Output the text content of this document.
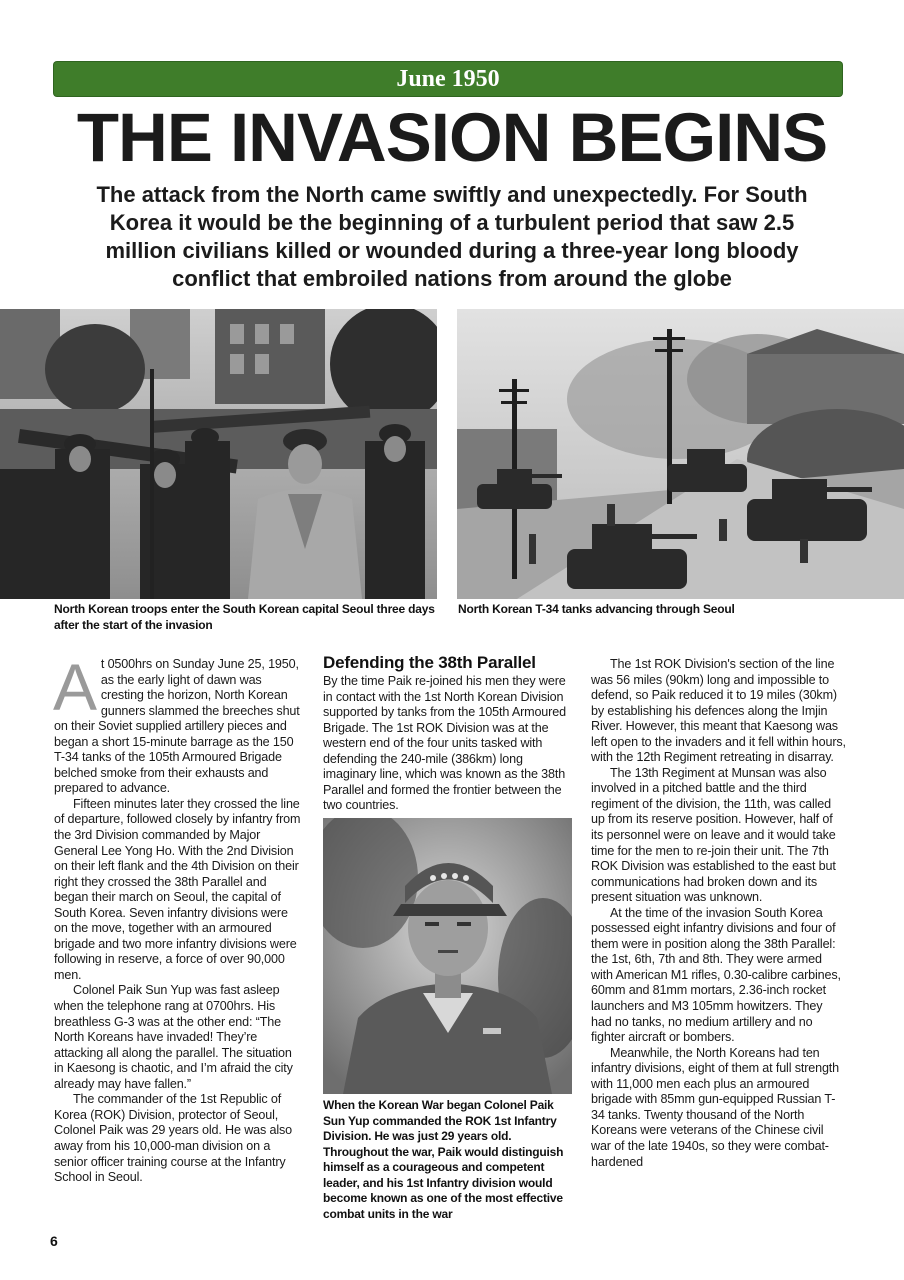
June 1950
THE INVASION BEGINS
The attack from the North came swiftly and unexpectedly. For South Korea it would be the beginning of a turbulent period that saw 2.5 million civilians killed or wounded during a three-year long bloody conflict that embroiled nations from around the globe
North Korean troops enter the South Korean capital Seoul three days after the start of the invasion
North Korean T-34 tanks advancing through Seoul
A t 0500hrs on Sunday June 25, 1950, as the early light of dawn was cresting the horizon, North Korean gunners slammed the breeches shut on their Soviet supplied artillery pieces and began a short 15-minute barrage as the 150 T-34 tanks of the 105th Armoured Brigade belched smoke from their exhausts and prepared to advance.

Fifteen minutes later they crossed the line of departure, followed closely by infantry from the 3rd Division commanded by Major General Lee Yong Ho. With the 2nd Division on their left flank and the 4th Division on their right they crossed the 38th Parallel and began their march on Seoul, the capital of South Korea. Seven infantry divisions were on the move, together with an armoured brigade and two more infantry divisions were following in reserve, a force of over 90,000 men.

Colonel Paik Sun Yup was fast asleep when the telephone rang at 0700hrs. His breathless G-3 was at the other end: “The North Koreans have invaded! They’re attacking all along the parallel. The situation in Kaesong is chaotic, and I’m afraid the city already may have fallen.”

The commander of the 1st Republic of Korea (ROK) Division, protector of Seoul, Colonel Paik was 29 years old. He was also away from his 10,000-man division on a senior officer training course at the Infantry School in Seoul.

Defending the 38th Parallel

By the time Paik re-joined his men they were in contact with the 1st North Korean Division supported by tanks from the 105th Armoured Brigade. The 1st ROK Division was at the western end of the four units tasked with defending the 240-mile (386km) long imaginary line, which was known as the 38th Parallel and formed the frontier between the two countries.

When the Korean War began Colonel Paik Sun Yup commanded the ROK 1st Infantry Division. He was just 29 years old. Throughout the war, Paik would distinguish himself as a courageous and competent leader, and his 1st Infantry division would become known as one of the most effective combat units in the war

The 1st ROK Division's section of the line was 56 miles (90km) long and impossible to defend, so Paik reduced it to 19 miles (30km) by establishing his defences along the Imjin River. However, this meant that Kaesong was left open to the invaders and it fell within hours, with the 12th Regiment retreating in disarray.

The 13th Regiment at Munsan was also involved in a pitched battle and the third regiment of the division, the 11th, was called up from its reserve position. However, half of its personnel were on leave and it would take time for the men to re-join their unit. The 7th ROK Division was established to the east but communications had broken down and its present situation was unknown.

At the time of the invasion South Korea possessed eight infantry divisions and four of them were in position along the 38th Parallel: the 1st, 6th, 7th and 8th. They were armed with American M1 rifles, 0.30-calibre carbines, 60mm and 81mm mortars, 2.36-inch rocket launchers and M3 105mm howitzers. They had no tanks, no medium artillery and no fighter aircraft or bombers.

Meanwhile, the North Koreans had ten infantry divisions, eight of them at full strength with 11,000 men each plus an armoured brigade with 85mm gun-equipped Russian T-34 tanks. Twenty thousand of the North Koreans were veterans of the Chinese civil war of the late 1940s, so they were combat-hardened

6
